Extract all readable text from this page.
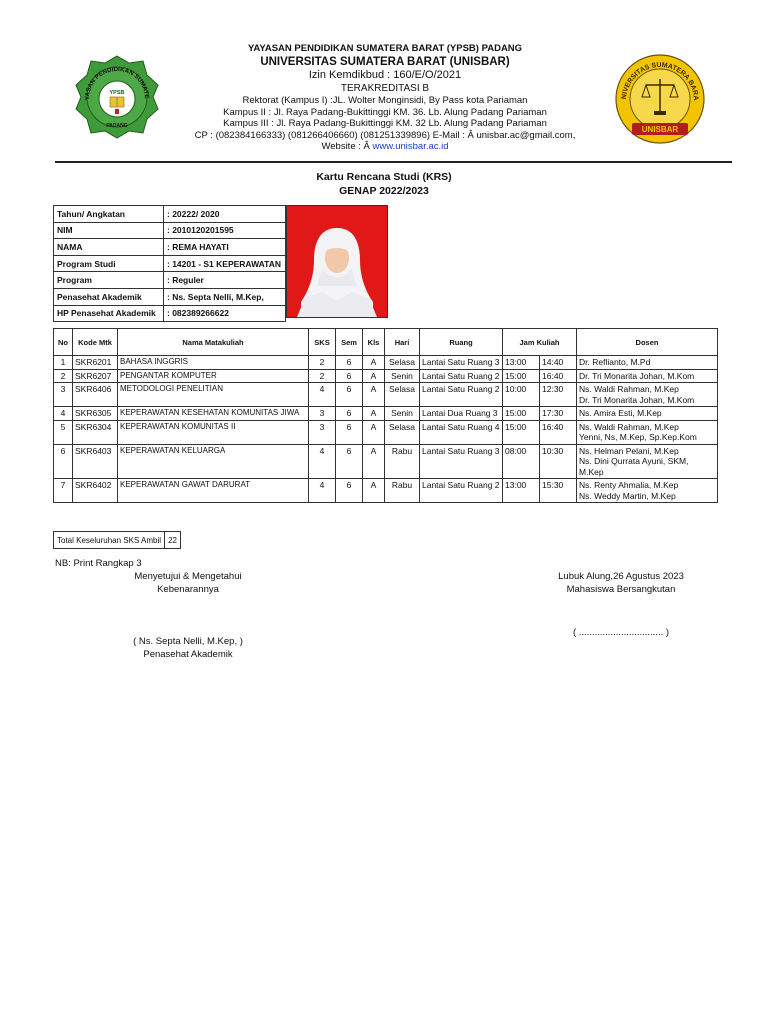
YASAN PENDIDIKAN SUMATE
YPSB
PADANG
NIVERSITAS SUMATERA BARA
UNISBAR
YAYASAN PENDIDIKAN SUMATERA BARAT (YPSB) PADANG
UNIVERSITAS SUMATERA BARAT (UNISBAR)
Izin Kemdikbud : 160/E/O/2021
TERAKREDITASI B
Rektorat (Kampus I) :JL. Wolter Monginsidi, By Pass kota Pariaman
Kampus II : Jl. Raya Padang-Bukittinggi KM. 36. Lb. Alung Padang Pariaman
Kampus III : Jl. Raya Padang-Bukittinggi KM. 32 Lb. Alung Padang Pariaman
CP : (082384166333) (081266406660) (081251339896) E-Mail : Â unisbar.ac@gmail.com,
Website : Â www.unisbar.ac.id
Kartu Rencana Studi (KRS)
GENAP 2022/2023
Tahun/ Angkatan	: 20222/ 2020
NIM	: 2010120201595
NAMA	: REMA HAYATI
Program Studi	: 14201 - S1 KEPERAWATAN
Program	: Reguler
Penasehat Akademik	: Ns. Septa Nelli, M.Kep,
HP Penasehat Akademik	: 082389266622
No	Kode Mtk	Nama Matakuliah	SKS	Sem	Kls	Hari	Ruang	Jam Kuliah		Dosen
1	SKR6201	BAHASA INGGRIS	2	6	A	Selasa	Lantai Satu Ruang 3	13:00	14:40	Dr. Reflianto, M.Pd
2	SKR6207	PENGANTAR KOMPUTER	2	6	A	Senin	Lantai Satu Ruang 2	15:00	16:40	Dr. Tri Monarita Johan, M.Kom
3	SKR6406	METODOLOGI PENELITIAN	4	6	A	Selasa	Lantai Satu Ruang 2	10:00	12:30	Ns. Waldi Rahman, M.Kep
Dr. Tri Monarita Johan, M.Kom
4	SKR6305	KEPERAWATAN KESEHATAN KOMUNITAS JIWA	3	6	A	Senin	Lantai Dua Ruang 3	15:00	17:30	Ns. Amira Esti, M.Kep
5	SKR6304	KEPERAWATAN KOMUNITAS II	3	6	A	Selasa	Lantai Satu Ruang 4	15:00	16:40	Ns. Waldi Rahman, M.Kep
Yenni, Ns, M.Kep, Sp.Kep.Kom
6	SKR6403	KEPERAWATAN KELUARGA	4	6	A	Rabu	Lantai Satu Ruang 3	08:00	10:30	Ns. Helman Pelani, M.Kep
Ns. Dini Qurrata Ayuni, SKM, M.Kep
7	SKR6402	KEPERAWATAN GAWAT DARURAT	4	6	A	Rabu	Lantai Satu Ruang 2	13:00	15:30	Ns. Renty Ahmalia, M.Kep
Ns. Weddy Martin, M.Kep
Total Keseluruhan SKS Ambil	22
NB: Print Rangkap 3
Menyetujui & Mengetahui
Kebenarannya
( Ns. Septa Nelli, M.Kep, )
Penasehat Akademik
Lubuk Alung,26 Agustus 2023
Mahasiswa Bersangkutan
( ................................ )
